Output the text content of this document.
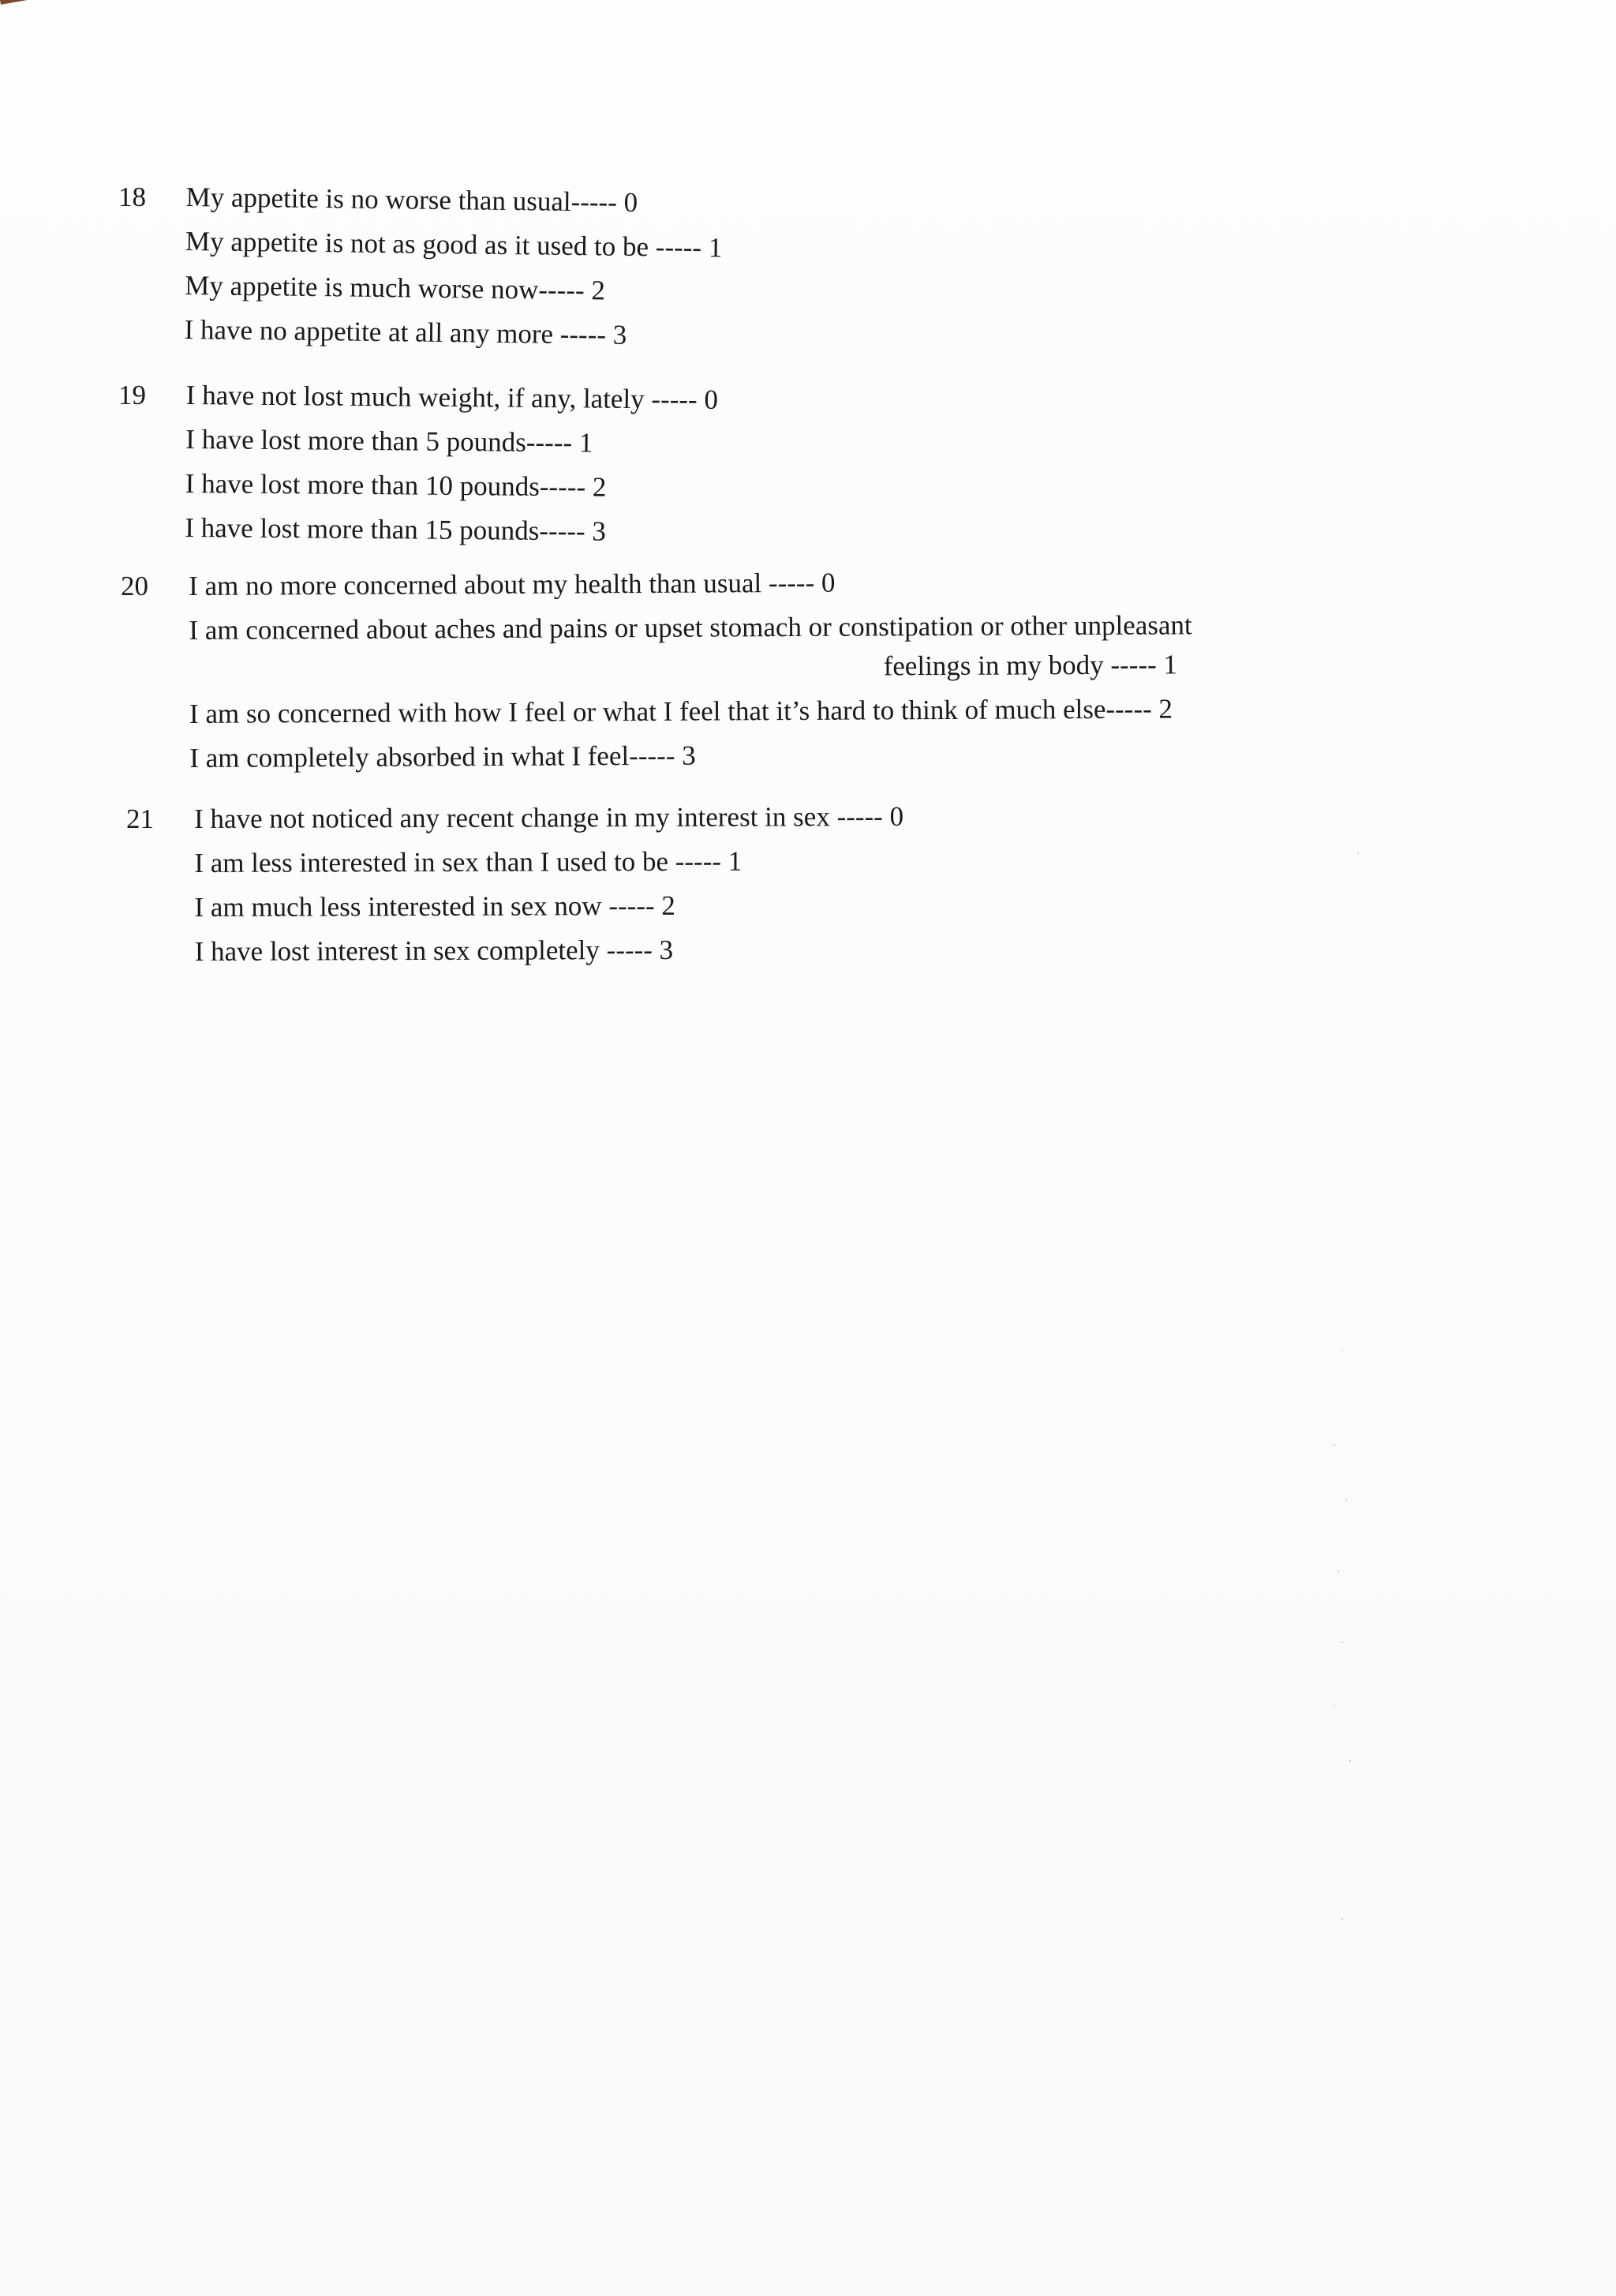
18	My appetite is no worse than usual----- 0
My appetite is not as good as it used to be ----- 1
My appetite is much worse now----- 2
I have no appetite at all any more ----- 3
19	I have not lost much weight, if any, lately ----- 0
I have lost more than 5 pounds----- 1
I have lost more than 10 pounds----- 2
I have lost more than 15 pounds----- 3
20	I am no more concerned about my health than usual ----- 0
I am concerned about aches and pains or upset stomach or constipation or other unpleasant
feelings in my body ----- 1
I am so concerned with how I feel or what I feel that it’s hard to think of much else----- 2
I am completely absorbed in what I feel----- 3
21	I have not noticed any recent change in my interest in sex ----- 0
I am less interested in sex than I used to be ----- 1
I am much less interested in sex now ----- 2
I have lost interest in sex completely ----- 3
